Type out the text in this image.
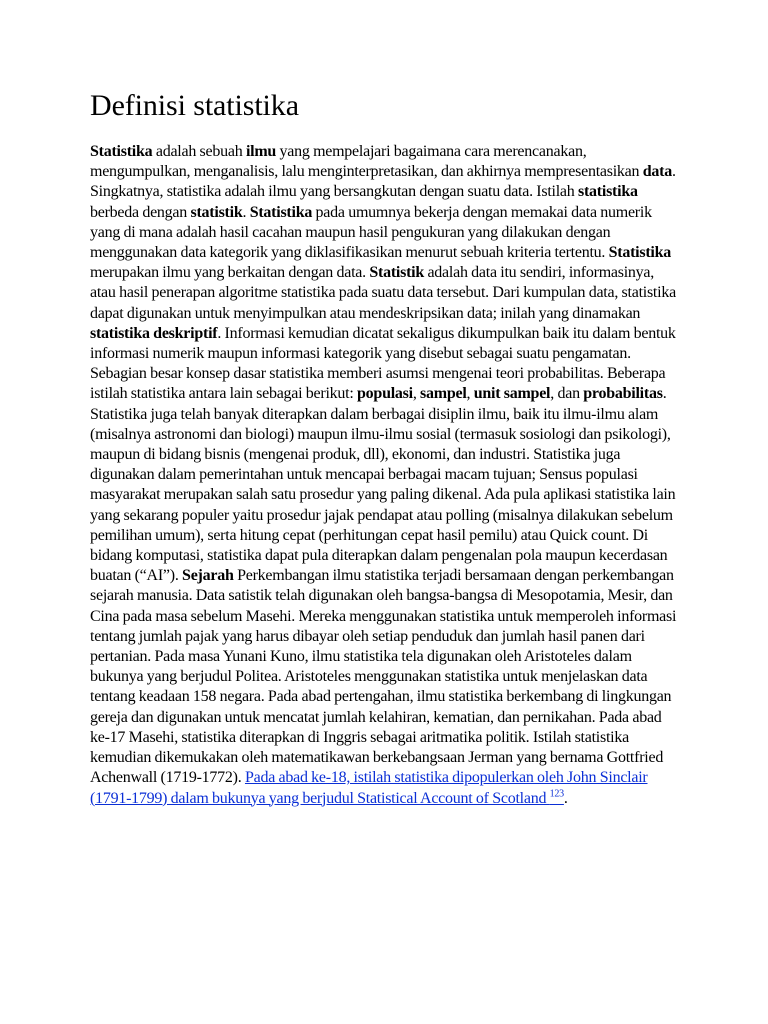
Definisi statistika

Statistika adalah sebuah ilmu yang mempelajari bagaimana cara merencanakan, mengumpulkan, menganalisis, lalu menginterpretasikan, dan akhirnya mempresentasikan data. Singkatnya, statistika adalah ilmu yang bersangkutan dengan suatu data. Istilah statistika berbeda dengan statistik. Statistika pada umumnya bekerja dengan memakai data numerik yang di mana adalah hasil cacahan maupun hasil pengukuran yang dilakukan dengan menggunakan data kategorik yang diklasifikasikan menurut sebuah kriteria tertentu. Statistika merupakan ilmu yang berkaitan dengan data. Statistik adalah data itu sendiri, informasinya, atau hasil penerapan algoritme statistika pada suatu data tersebut. Dari kumpulan data, statistika dapat digunakan untuk menyimpulkan atau mendeskripsikan data; inilah yang dinamakan statistika deskriptif. Informasi kemudian dicatat sekaligus dikumpulkan baik itu dalam bentuk informasi numerik maupun informasi kategorik yang disebut sebagai suatu pengamatan. Sebagian besar konsep dasar statistika memberi asumsi mengenai teori probabilitas. Beberapa istilah statistika antara lain sebagai berikut: populasi, sampel, unit sampel, dan probabilitas. Statistika juga telah banyak diterapkan dalam berbagai disiplin ilmu, baik itu ilmu-ilmu alam (misalnya astronomi dan biologi) maupun ilmu-ilmu sosial (termasuk sosiologi dan psikologi), maupun di bidang bisnis (mengenai produk, dll), ekonomi, dan industri. Statistika juga digunakan dalam pemerintahan untuk mencapai berbagai macam tujuan; Sensus populasi masyarakat merupakan salah satu prosedur yang paling dikenal. Ada pula aplikasi statistika lain yang sekarang populer yaitu prosedur jajak pendapat atau polling (misalnya dilakukan sebelum pemilihan umum), serta hitung cepat (perhitungan cepat hasil pemilu) atau Quick count. Di bidang komputasi, statistika dapat pula diterapkan dalam pengenalan pola maupun kecerdasan buatan (“AI”). Sejarah Perkembangan ilmu statistika terjadi bersamaan dengan perkembangan sejarah manusia. Data satistik telah digunakan oleh bangsa-bangsa di Mesopotamia, Mesir, dan Cina pada masa sebelum Masehi. Mereka menggunakan statistika untuk memperoleh informasi tentang jumlah pajak yang harus dibayar oleh setiap penduduk dan jumlah hasil panen dari pertanian. Pada masa Yunani Kuno, ilmu statistika tela digunakan oleh Aristoteles dalam bukunya yang berjudul Politea. Aristoteles menggunakan statistika untuk menjelaskan data tentang keadaan 158 negara. Pada abad pertengahan, ilmu statistika berkembang di lingkungan gereja dan digunakan untuk mencatat jumlah kelahiran, kematian, dan pernikahan. Pada abad ke-17 Masehi, statistika diterapkan di Inggris sebagai aritmatika politik. Istilah statistika kemudian dikemukakan oleh matematikawan berkebangsaan Jerman yang bernama Gottfried Achenwall (1719-1772). Pada abad ke-18, istilah statistika dipopulerkan oleh John Sinclair (1791-1799) dalam bukunya yang berjudul Statistical Account of Scotland $^{123}$.
